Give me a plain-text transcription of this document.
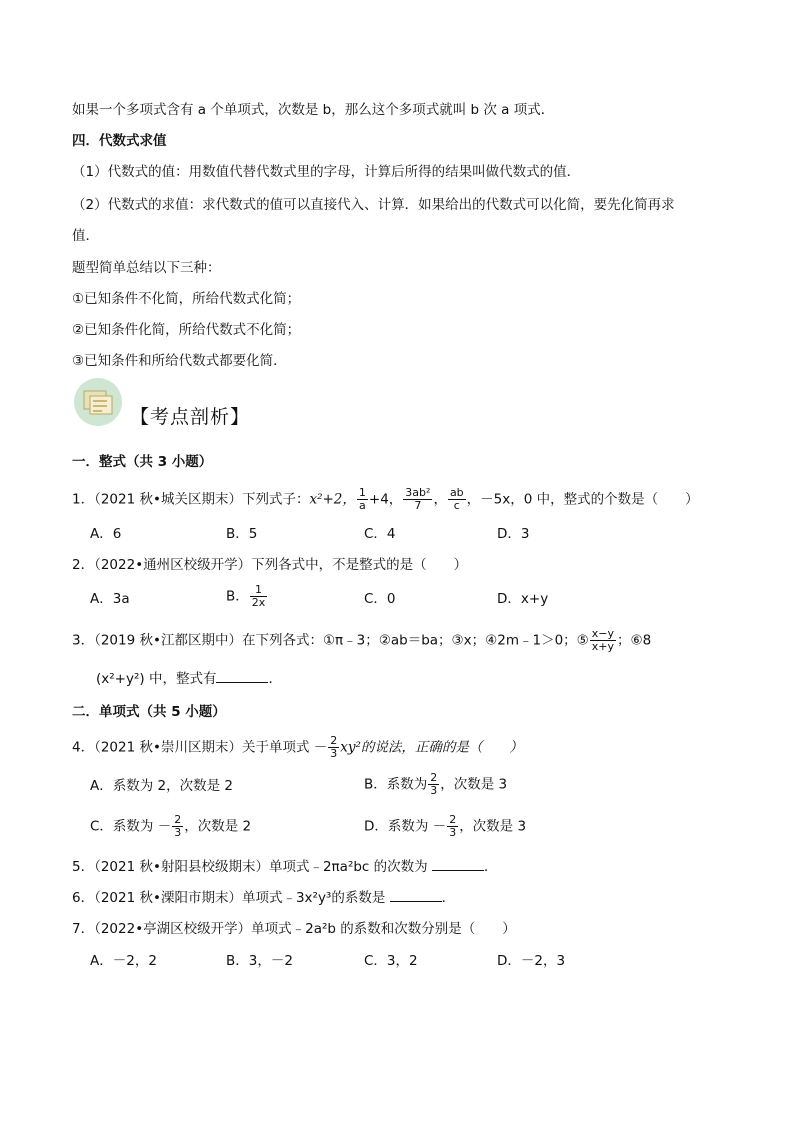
如果一个多项式含有 a 个单项式，次数是 b，那么这个多项式就叫 b 次 a 项式．
四．代数式求值
（1）代数式的值：用数值代替代数式里的字母，计算后所得的结果叫做代数式的值．
（2）代数式的求值：求代数式的值可以直接代入、计算．如果给出的代数式可以化简，要先化简再求
值．
题型简单总结以下三种：
①已知条件不化简，所给代数式化简；
②已知条件化简，所给代数式不化简；
③已知条件和所给代数式都要化简．
【考点剖析】
一．整式（共 3 小题）
1．（2021 秋•城关区期末）下列式子：x²+2， $\frac{1}{a} +4$， $\frac{\text{3ab²}}{7}$ ， $\frac{ab}{c}$ ，－5x，0 中，整式的个数是（　　）
A．6	B．5	C．4	D．3
2．（2022•通州区校级开学）下列各式中，不是整式的是（　　）
A．3a	B． $\frac{1}{2x}$	C．0	D．x+y
3．（2019 秋•江都区期中）在下列各式：①π﹣3；②ab＝ba；③x；④2m﹣1＞0；⑤ $\frac{x-y}{x+y}$ ；⑥8
(x²+y²) 中，整式有	．
二．单项式（共 5 小题）
4．（2021 秋•崇川区期末）关于单项式 － $\frac{2}{3} xy^2$的说法，正确的是（　　）
A．系数为 2，次数是 2	B．系数为 $\frac{2}{3}$ ，次数是 3
C．系数为 － $\frac{2}{3}$ ，次数是 2	D．系数为 － $\frac{2}{3}$ ，次数是 3
5．（2021 秋•射阳县校级期末）单项式﹣2πa²bc 的次数为	．
6．（2021 秋•溧阳市期末）单项式﹣3x²y³的系数是	．
7．（2022•亭湖区校级开学）单项式﹣2a²b 的系数和次数分别是（　　）
A．－2，2	B．3，－2	C．3，2	D．－2，3
